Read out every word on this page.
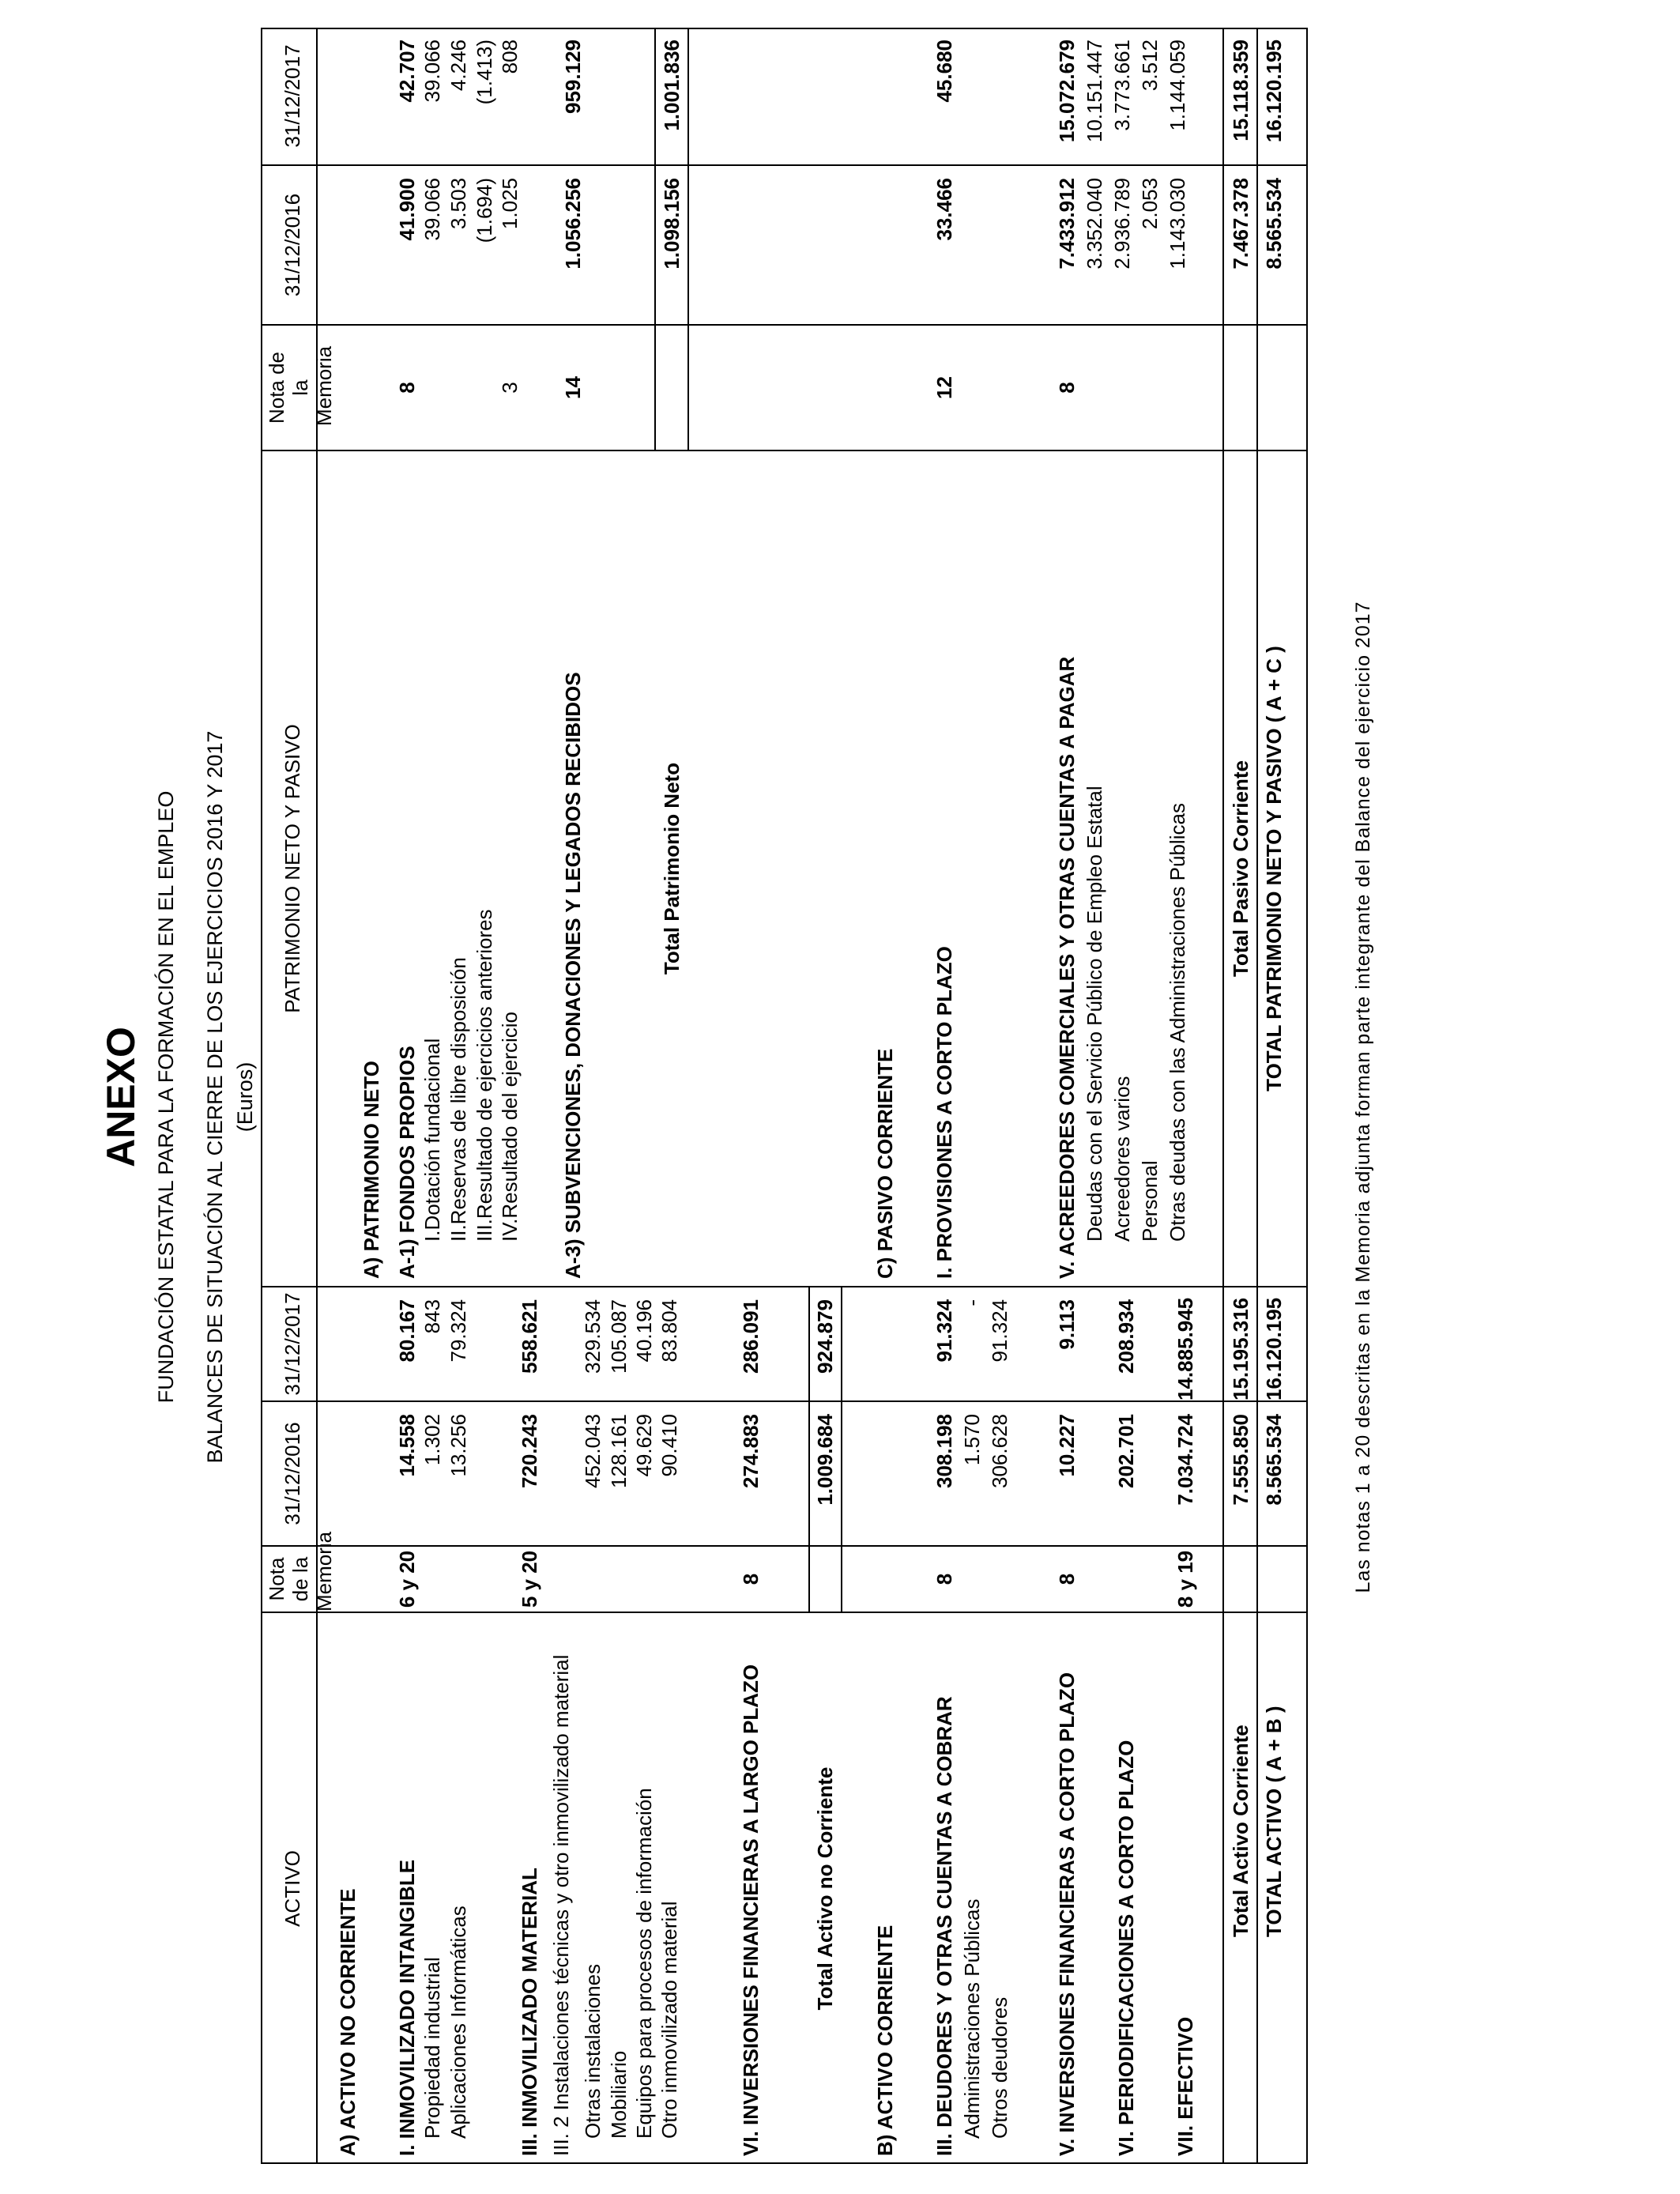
ANEXO FUNDACIÓN ESTATAL PARA LA FORMACIÓN EN EL EMPLEO BALANCES DE SITUACIÓN AL CIERRE DE LOS EJERCICIOS 2016 Y 2017 (Euros)
ACTIVO
Nota de la Memoria
31/12/2016
31/12/2017
A) ACTIVO NO CORRIENTE I. INMOVILIZADO INTANGIBLE
6 y 20
14.558
80.167
Propiedad industrial
1.302
843
Aplicaciones Informáticas
13.256
79.324
III. INMOVILIZADO MATERIAL
5 y 20
720.243
558.621
III. 2 Instalaciones técnicas y otro inmovilizado material Otras instalaciones
452.043
329.534
Mobiliario
128.161
105.087
Equipos para procesos de información
49.629
40.196
Otro inmovilizado material
90.410
83.804
VI. INVERSIONES FINANCIERAS A LARGO PLAZO
8
274.883
286.091
Total Activo no Corriente
1.009.684
924.879
B) ACTIVO CORRIENTE III. DEUDORES Y OTRAS CUENTAS A COBRAR
8
308.198
91.324
Administraciones Públicas
1.570
-
Otros deudores
306.628
91.324
V. INVERSIONES FINANCIERAS A CORTO PLAZO
8
10.227
9.113
VI. PERIODIFICACIONES A CORTO PLAZO
202.701
208.934
VII. EFECTIVO
8 y 19
7.034.724
14.885.945
Total Activo Corriente
7.555.850
15.195.316
TOTAL ACTIVO ( A + B )
8.565.534
16.120.195
PATRIMONIO NETO Y PASIVO
Nota de la Memoria
31/12/2016
31/12/2017
A) PATRIMONIO NETO A-1) FONDOS PROPIOS
8
41.900
42.707
I.Dotación fundacional
39.066
39.066
II.Reservas de libre disposición
3.503
4.246
III.Resultado de ejercicios anteriores
(1.694)
(1.413)
IV.Resultado del ejercicio
3
1.025
808
A-3) SUBVENCIONES, DONACIONES Y LEGADOS RECIBIDOS
14
1.056.256
959.129
Total Patrimonio Neto
1.098.156
1.001.836
C) PASIVO CORRIENTE I. PROVISIONES A CORTO PLAZO
12
33.466
45.680
V. ACREEDORES COMERCIALES Y OTRAS CUENTAS A PAGAR
8
7.433.912
15.072.679
Deudas con el Servicio Público de Empleo Estatal
3.352.040
10.151.447
Acreedores varios
2.936.789
3.773.661
Personal
2.053
3.512
Otras deudas con las Administraciones Públicas
1.143.030
1.144.059
Total Pasivo Corriente
7.467.378
15.118.359
TOTAL PATRIMONIO NETO Y PASIVO ( A + C )
8.565.534
16.120.195
Las notas 1 a 20 descritas en la Memoria adjunta forman parte integrante del Balance del ejercicio 2017
